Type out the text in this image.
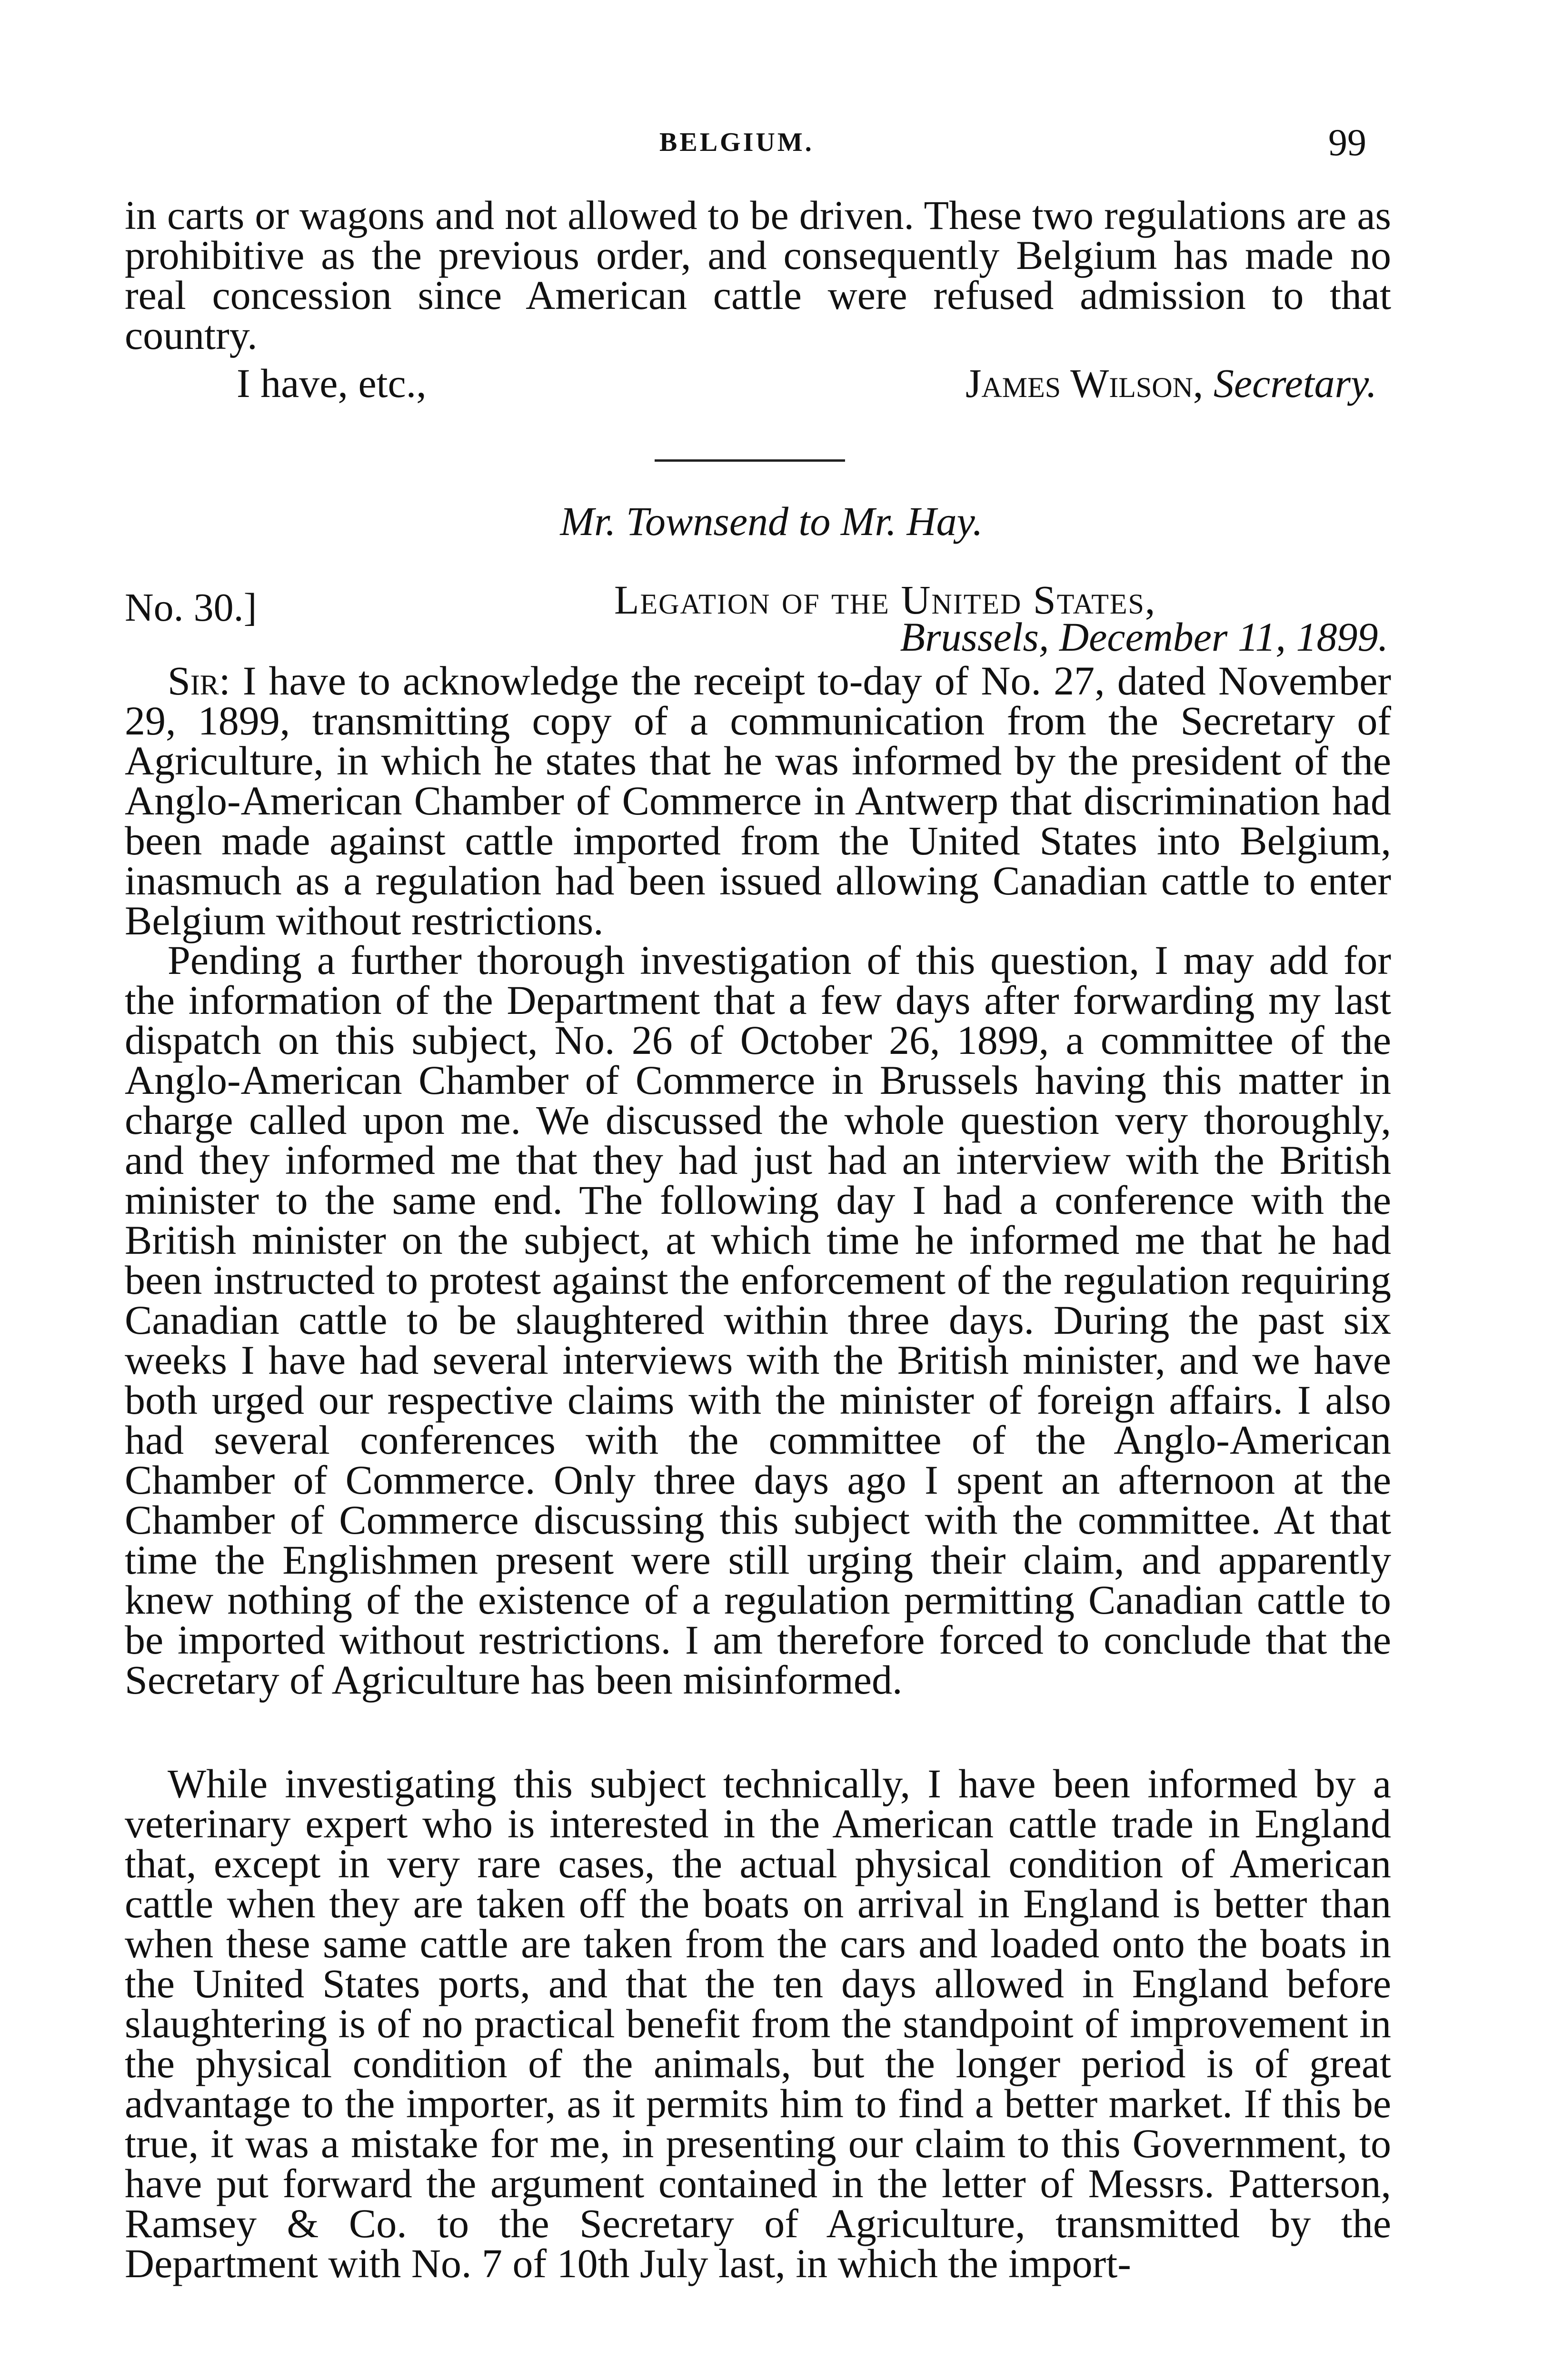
BELGIUM.	99

in carts or wagons and not allowed to be driven. These two regulations are as prohibitive as the previous order, and consequently Belgium has made no real concession since American cattle were refused admission to that country.

I have, etc.,	James Wilson, Secretary.
Mr. Townsend to Mr. Hay.
No. 30.]	Legation of the United States,
Brussels, December 11, 1899.

Sir: I have to acknowledge the receipt to-day of No. 27, dated November 29, 1899, transmitting copy of a communication from the Secretary of Agriculture, in which he states that he was informed by the president of the Anglo-American Chamber of Commerce in Antwerp that discrimination had been made against cattle imported from the United States into Belgium, inasmuch as a regulation had been issued allowing Canadian cattle to enter Belgium without restrictions.

Pending a further thorough investigation of this question, I may add for the information of the Department that a few days after forwarding my last dispatch on this subject, No. 26 of October 26, 1899, a committee of the Anglo-American Chamber of Commerce in Brussels having this matter in charge called upon me. We discussed the whole question very thoroughly, and they informed me that they had just had an interview with the British minister to the same end. The following day I had a conference with the British minister on the subject, at which time he informed me that he had been instructed to protest against the enforcement of the regulation requiring Canadian cattle to be slaughtered within three days. During the past six weeks I have had several interviews with the British minister, and we have both urged our respective claims with the minister of foreign affairs. I also had several conferences with the committee of the Anglo-American Chamber of Commerce. Only three days ago I spent an afternoon at the Chamber of Commerce discussing this subject with the committee. At that time the Englishmen present were still urging their claim, and apparently knew nothing of the existence of a regulation permitting Canadian cattle to be imported without restrictions. I am therefore forced to conclude that the Secretary of Agriculture has been misinformed.

While investigating this subject technically, I have been informed by a veterinary expert who is interested in the American cattle trade in England that, except in very rare cases, the actual physical condition of American cattle when they are taken off the boats on arrival in England is better than when these same cattle are taken from the cars and loaded onto the boats in the United States ports, and that the ten days allowed in England before slaughtering is of no practical benefit from the standpoint of improvement in the physical condition of the animals, but the longer period is of great advantage to the importer, as it permits him to find a better market. If this be true, it was a mistake for me, in presenting our claim to this Government, to have put forward the argument contained in the letter of Messrs. Patterson, Ramsey & Co. to the Secretary of Agriculture, transmitted by the Department with No. 7 of 10th July last, in which the import-
